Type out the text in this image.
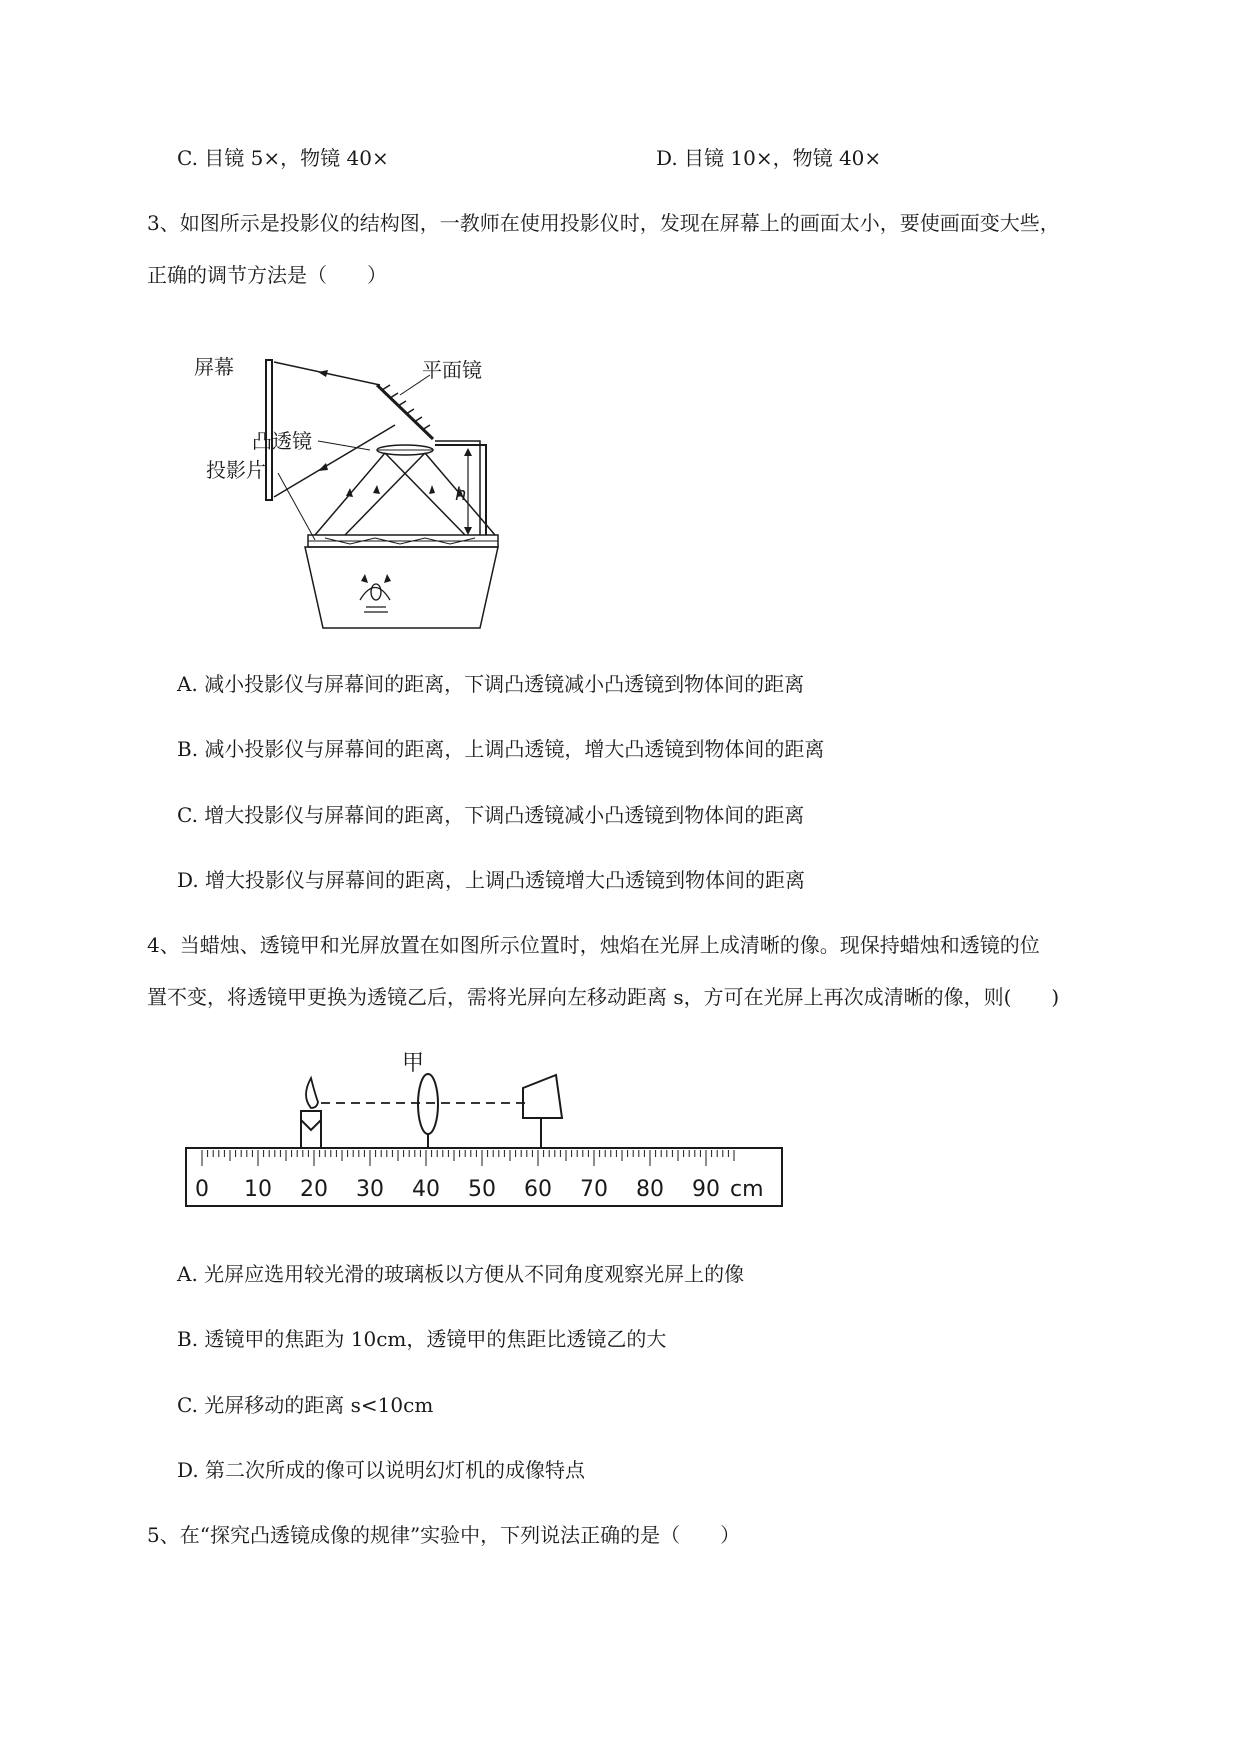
C. 目镜 5×，物镜 40×	D. 目镜 10×，物镜 40×
3、如图所示是投影仪的结构图，一教师在使用投影仪时，发现在屏幕上的画面太小，要使画面变大些，
正确的调节方法是（　　）
屏幕	平面镜
凸透镜
h
投影片
A. 减小投影仪与屏幕间的距离，下调凸透镜减小凸透镜到物体间的距离
B. 减小投影仪与屏幕间的距离，上调凸透镜，增大凸透镜到物体间的距离
C. 增大投影仪与屏幕间的距离，下调凸透镜减小凸透镜到物体间的距离
D. 增大投影仪与屏幕间的距离，上调凸透镜增大凸透镜到物体间的距离
4、当蜡烛、透镜甲和光屏放置在如图所示位置时，烛焰在光屏上成清晰的像。现保持蜡烛和透镜的位
置不变，将透镜甲更换为透镜乙后，需将光屏向左移动距离 s，方可在光屏上再次成清晰的像，则(　　)
0 10 20 30 40 50 60 70 80 90 cm
甲
A. 光屏应选用较光滑的玻璃板以方便从不同角度观察光屏上的像
B. 透镜甲的焦距为 10cm，透镜甲的焦距比透镜乙的大
C. 光屏移动的距离 s<10cm
D. 第二次所成的像可以说明幻灯机的成像特点
5、在“探究凸透镜成像的规律”实验中，下列说法正确的是（　　）
